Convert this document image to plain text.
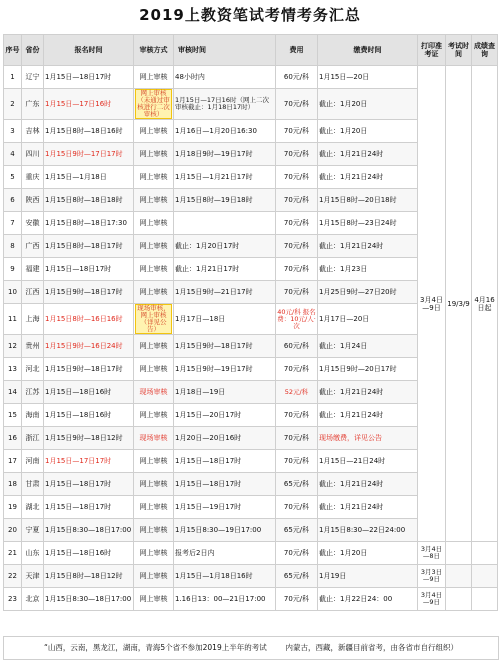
2019上教资笔试考情考务汇总
序号	省份	报名时间	审核方式	审核时间	费用	缴费时间	打印准考证	考试时间	成绩查询
1	辽宁	1月15日—18日17时	网上审核	48小时内	60元/科	1月15日—20日	3月4日—9日	19/3/9	4月16日起
2	广东	1月15日—17日16时	网上审核（未通过审核进行二次审核）	1月15日—17日16时（网上二次审核截止：1月18日17时）	70元/科	截止：1月20日			
3	吉林	1月15日8时—18日16时	网上审核	1月16日—1月20日16:30	70元/科	截止：1月20日			
4	四川	1月15日9时—17日17时	网上审核	1月18日9时—19日17时	70元/科	截止：1月21日24时			
5	重庆	1月15日—1月18日	网上审核	1月15日—1月21日17时	70元/科	截止：1月21日24时			
6	陕西	1月15日8时—18日18时	网上审核	1月15日8时—19日18时	70元/科	1月15日8时—20日18时			
7	安徽	1月15日8时—18日17:30	网上审核		70元/科	1月15日8时—23日24时			
8	广西	1月15日8时—18日17时	网上审核	截止：1月20日17时	70元/科	截止：1月21日24时			
9	福建	1月15日—18日17时	网上审核	截止：1月21日17时	70元/科	截止：1月23日			
10	江西	1月15日9时—18日17时	网上审核	1月15日9时—21日17时	70元/科	1月25日9时—27日20时			
11	上海	1月15日8时—16日16时	现场审核，网上审核（详见公告）	1月17日—18日	40元/科 报名费：10元/人·次	1月17日—20日			
12	贵州	1月15日9时—16日24时	网上审核	1月15日9时—18日17时	60元/科	截止：1月24日			
13	河北	1月15日9时—18日17时	网上审核	1月15日9时—19日17时	70元/科	1月15日9时—20日17时			
14	江苏	1月15日—18日16时	现场审核	1月18日—19日	52元/科	截止：1月21日24时			
15	海南	1月15日—18日16时	网上审核	1月15日—20日17时	70元/科	截止：1月21日24时			
16	浙江	1月15日9时—18日12时	现场审核	1月20日—20日16时	70元/科	现场缴费，详见公告			
17	河南	1月15日—17日17时	网上审核	1月15日—18日17时	70元/科	1月15日—21日24时			
18	甘肃	1月15日—18日17时	网上审核	1月15日—18日17时	65元/科	截止：1月21日24时			
19	湖北	1月15日—18日17时	网上审核	1月15日—19日17时	70元/科	截止：1月21日24时			
20	宁夏	1月15日8:30—18日17:00	网上审核	1月15日8:30—19日17:00	65元/科	1月15日8:30—22日24:00			
21	山东	1月15日—18日16时	网上审核	报考后2日内	70元/科	截止：1月20日	3月4日—8日		
22	天津	1月15日8时—18日12时	网上审核	1月15日—1月18日16时	65元/科	1月19日	3月3日—9日		
23	北京	1月15日8:30—18日17:00	网上审核	1.16日13：00—21日17:00	70元/科	截止：1月22日24：00	3月4日—9日		
“山西，云南，黑龙江，湖南，青海5个省不参加2019上半年的考试	内蒙古，西藏，新疆目前省考，由各省市自行组织）
